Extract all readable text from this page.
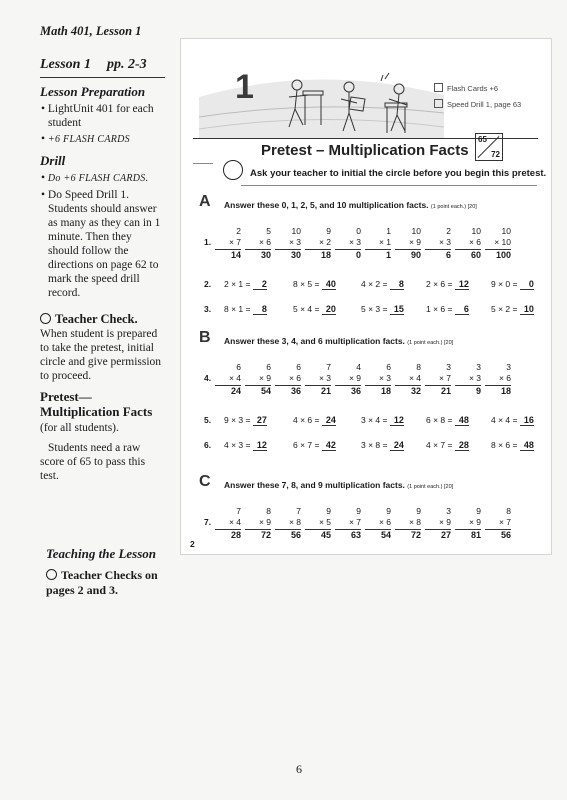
Math 401, Lesson 1
Lesson 1 pp. 2-3
Lesson Preparation
• LightUnit 401 for each student
• +6 FLASH CARDS
Drill
• Do +6 FLASH CARDS.
• Do Speed Drill 1. Students should answer as many as they can in 1 minute. Then they should follow the directions on page 62 to mark the speed drill record.
Teacher Check.
When student is prepared to take the pretest, initial circle and give permission to proceed.
Pretest—Multiplication Facts (for all students).
Students need a raw score of 65 to pass this test.
Teaching the Lesson
Teacher Checks on pages 2 and 3.
1	Flash Cards +6
Speed Drill 1, page 63
65
72
Pretest – Multiplication Facts
Ask your teacher to initial the circle before you begin this pretest.
A Answer these 0, 1, 2, 5, and 10 multiplication facts. (1 point each.) [20]
1.
2
× 7
14
5
× 6
30
10
× 3
30
9
× 2
18
0
× 3
0
1
× 1
1
10
× 9
90
2
× 3
6
10
× 6
60
10
× 10
100
2. 2 × 1 = 2	8 × 5 = 40	4 × 2 = 8	2 × 6 = 12	9 × 0 = 0
3. 8 × 1 = 8	5 × 4 = 20	5 × 3 = 15	1 × 6 = 6	5 × 2 = 10
B Answer these 3, 4, and 6 multiplication facts. (1 point each.) [20]
4.
6
× 4
24
6
× 9
54
6
× 6
36
7
× 3
21
4
× 9
36
6
× 3
18
8
× 4
32
3
× 7
21
3
× 3
9
3
× 6
18
5. 9 × 3 = 27	4 × 6 = 24	3 × 4 = 12	6 × 8 = 48	4 × 4 = 16
6. 4 × 3 = 12	6 × 7 = 42	3 × 8 = 24	4 × 7 = 28	8 × 6 = 48
C Answer these 7, 8, and 9 multiplication facts. (1 point each.) [20]
7.
7
× 4
28
8
× 9
72
7
× 8
56
9
× 5
45
9
× 7
63
9
× 6
54
9
× 8
72
3
× 9
27
9
× 9
81
8
× 7
56
2
6
